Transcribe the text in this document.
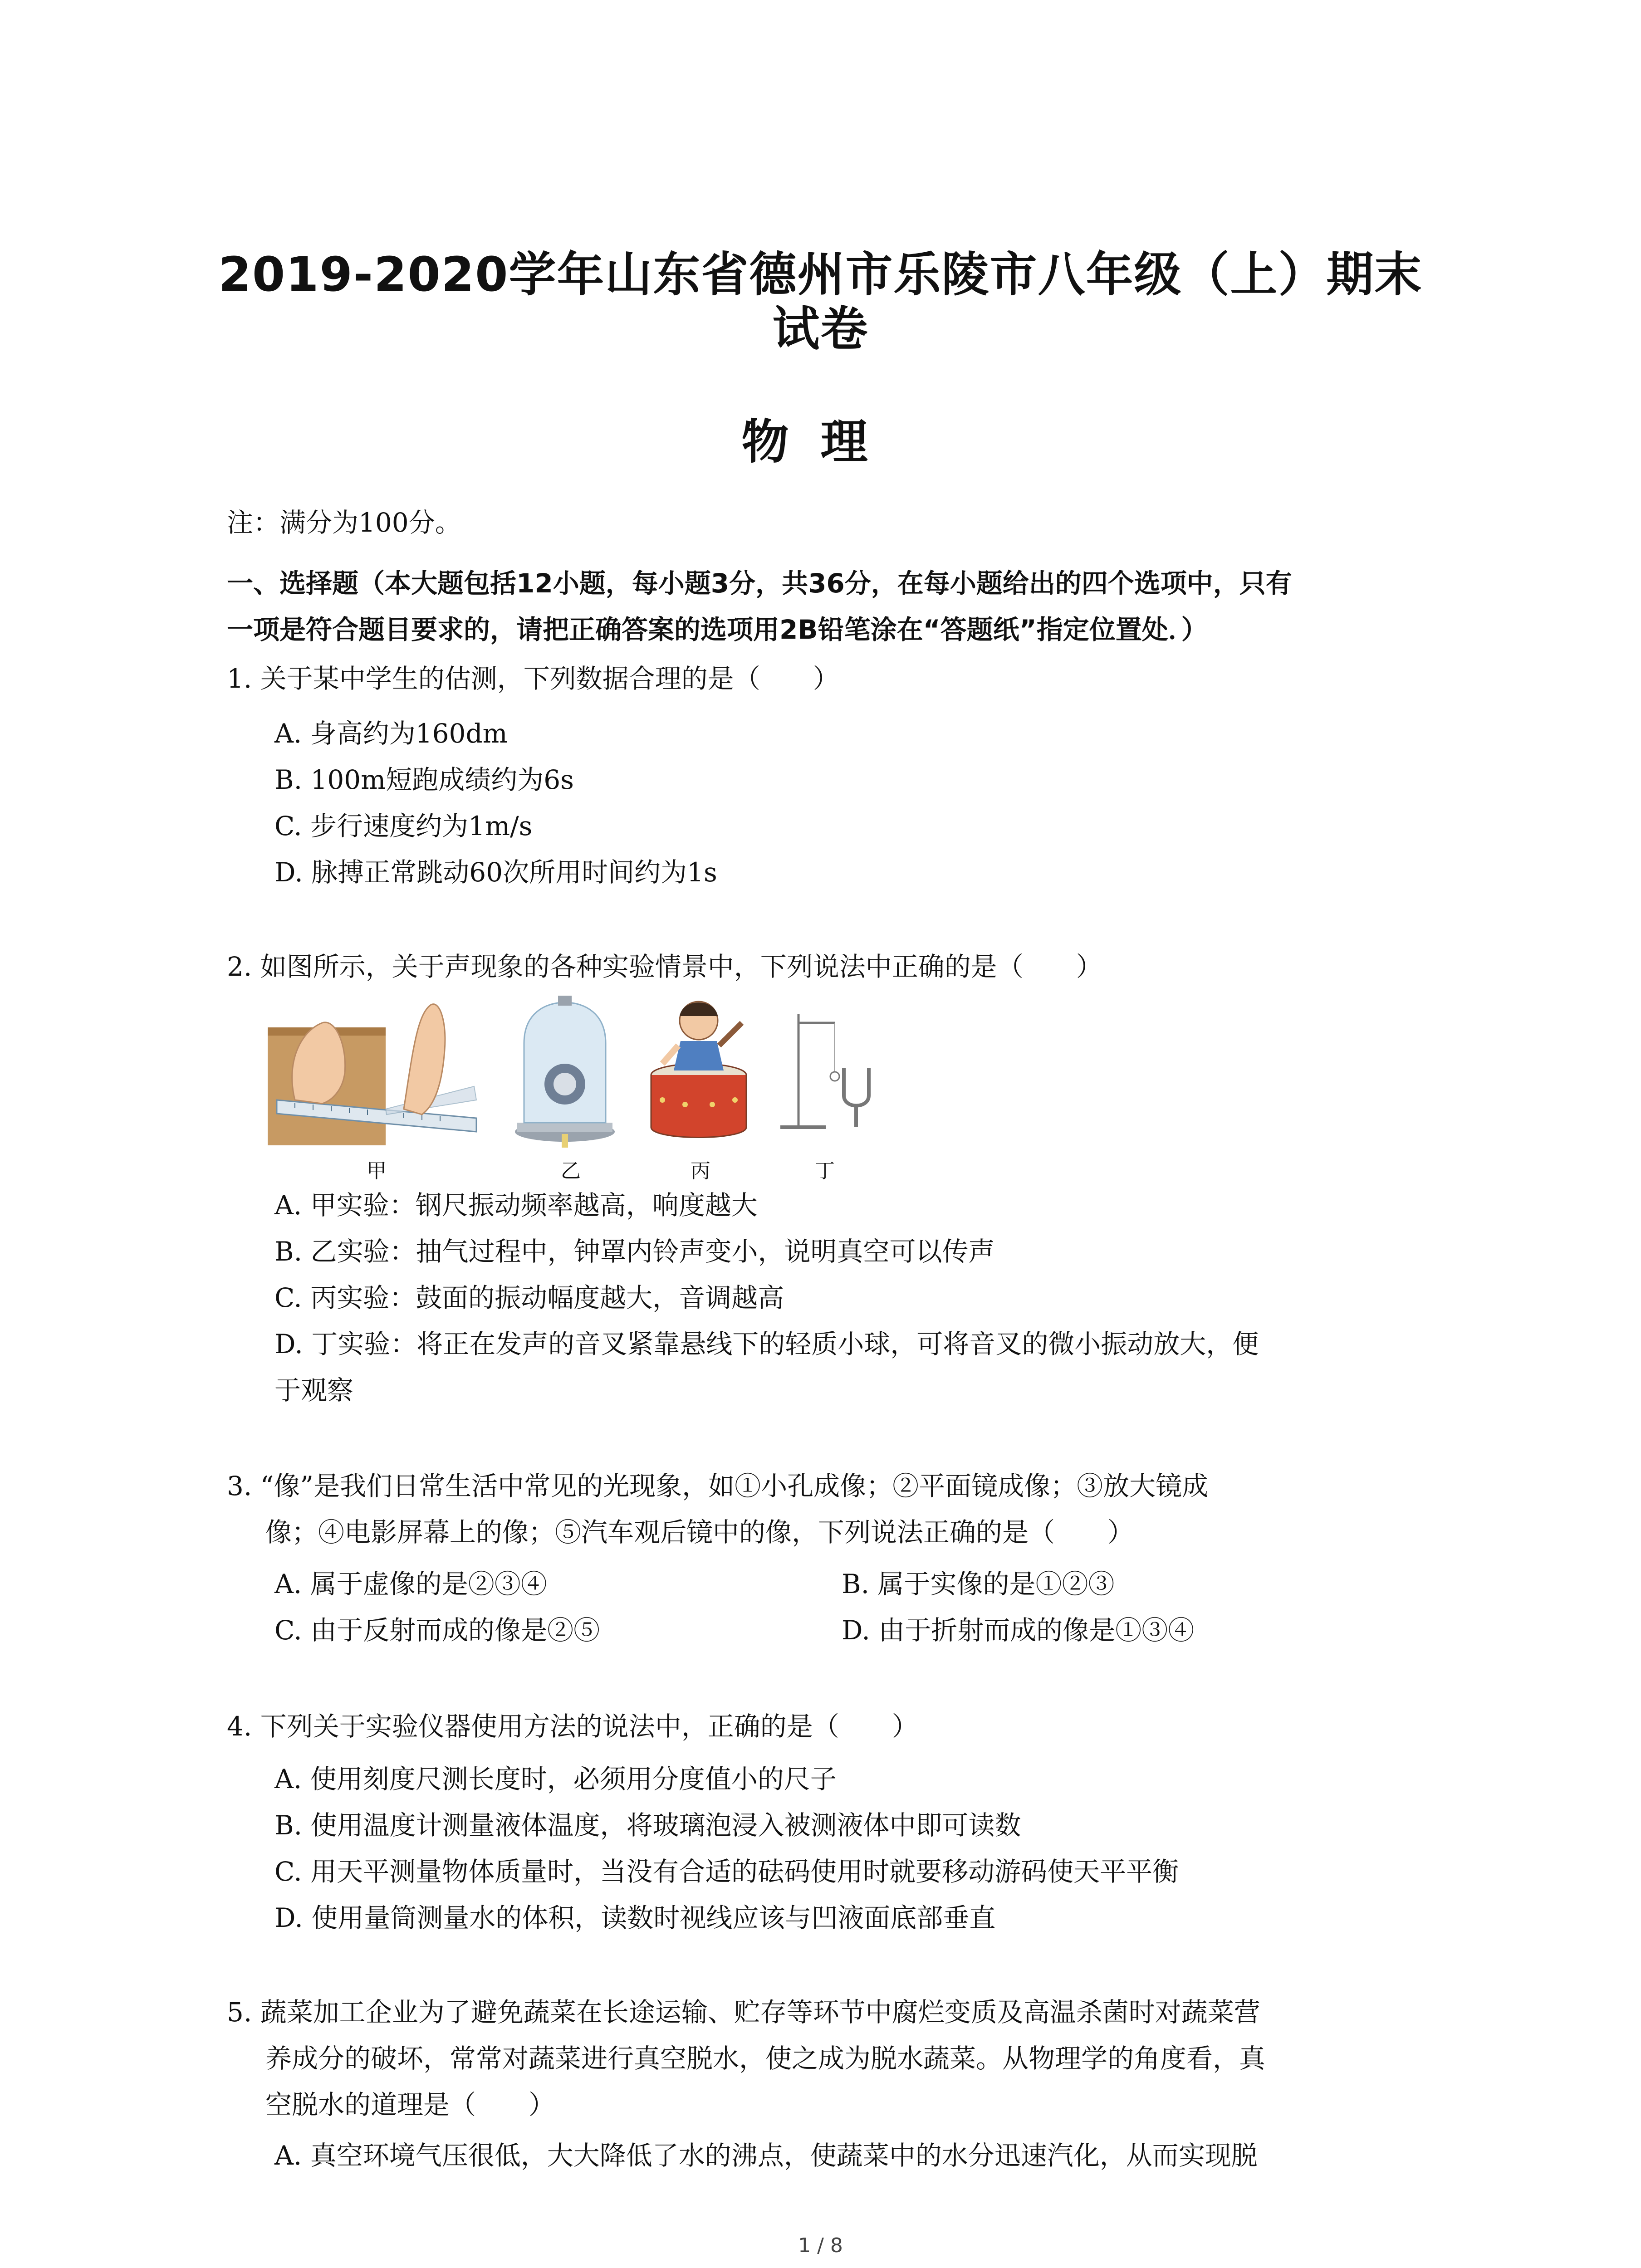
2019-2020学年山东省德州市乐陵市八年级（上）期末
试卷
物理
注：满分为100分。
一、选择题（本大题包括12小题，每小题3分，共36分，在每小题给出的四个选项中，只有
一项是符合题目要求的，请把正确答案的选项用2B铅笔涂在“答题纸”指定位置处．）
1. 关于某中学生的估测，下列数据合理的是（　　）
A. 身高约为160dm
B. 100m短跑成绩约为6s
C. 步行速度约为1m/s
D. 脉搏正常跳动60次所用时间约为1s
2. 如图所示，关于声现象的各种实验情景中，下列说法中正确的是（　　）
甲	乙	丙	丁
A. 甲实验：钢尺振动频率越高，响度越大
B. 乙实验：抽气过程中，钟罩内铃声变小，说明真空可以传声
C. 丙实验：鼓面的振动幅度越大，音调越高
D. 丁实验：将正在发声的音叉紧靠悬线下的轻质小球，可将音叉的微小振动放大，便
于观察
3. “像”是我们日常生活中常见的光现象，如①小孔成像；②平面镜成像；③放大镜成
像；④电影屏幕上的像；⑤汽车观后镜中的像，下列说法正确的是（　　）
A. 属于虚像的是②③④	B. 属于实像的是①②③
C. 由于反射而成的像是②⑤	D. 由于折射而成的像是①③④
4. 下列关于实验仪器使用方法的说法中，正确的是（　　）
A. 使用刻度尺测长度时，必须用分度值小的尺子
B. 使用温度计测量液体温度，将玻璃泡浸入被测液体中即可读数
C. 用天平测量物体质量时，当没有合适的砝码使用时就要移动游码使天平平衡
D. 使用量筒测量水的体积，读数时视线应该与凹液面底部垂直
5. 蔬菜加工企业为了避免蔬菜在长途运输、贮存等环节中腐烂变质及高温杀菌时对蔬菜营
养成分的破坏，常常对蔬菜进行真空脱水，使之成为脱水蔬菜。从物理学的角度看，真
空脱水的道理是（　　）
A. 真空环境气压很低，大大降低了水的沸点，使蔬菜中的水分迅速汽化，从而实现脱
1 / 8
